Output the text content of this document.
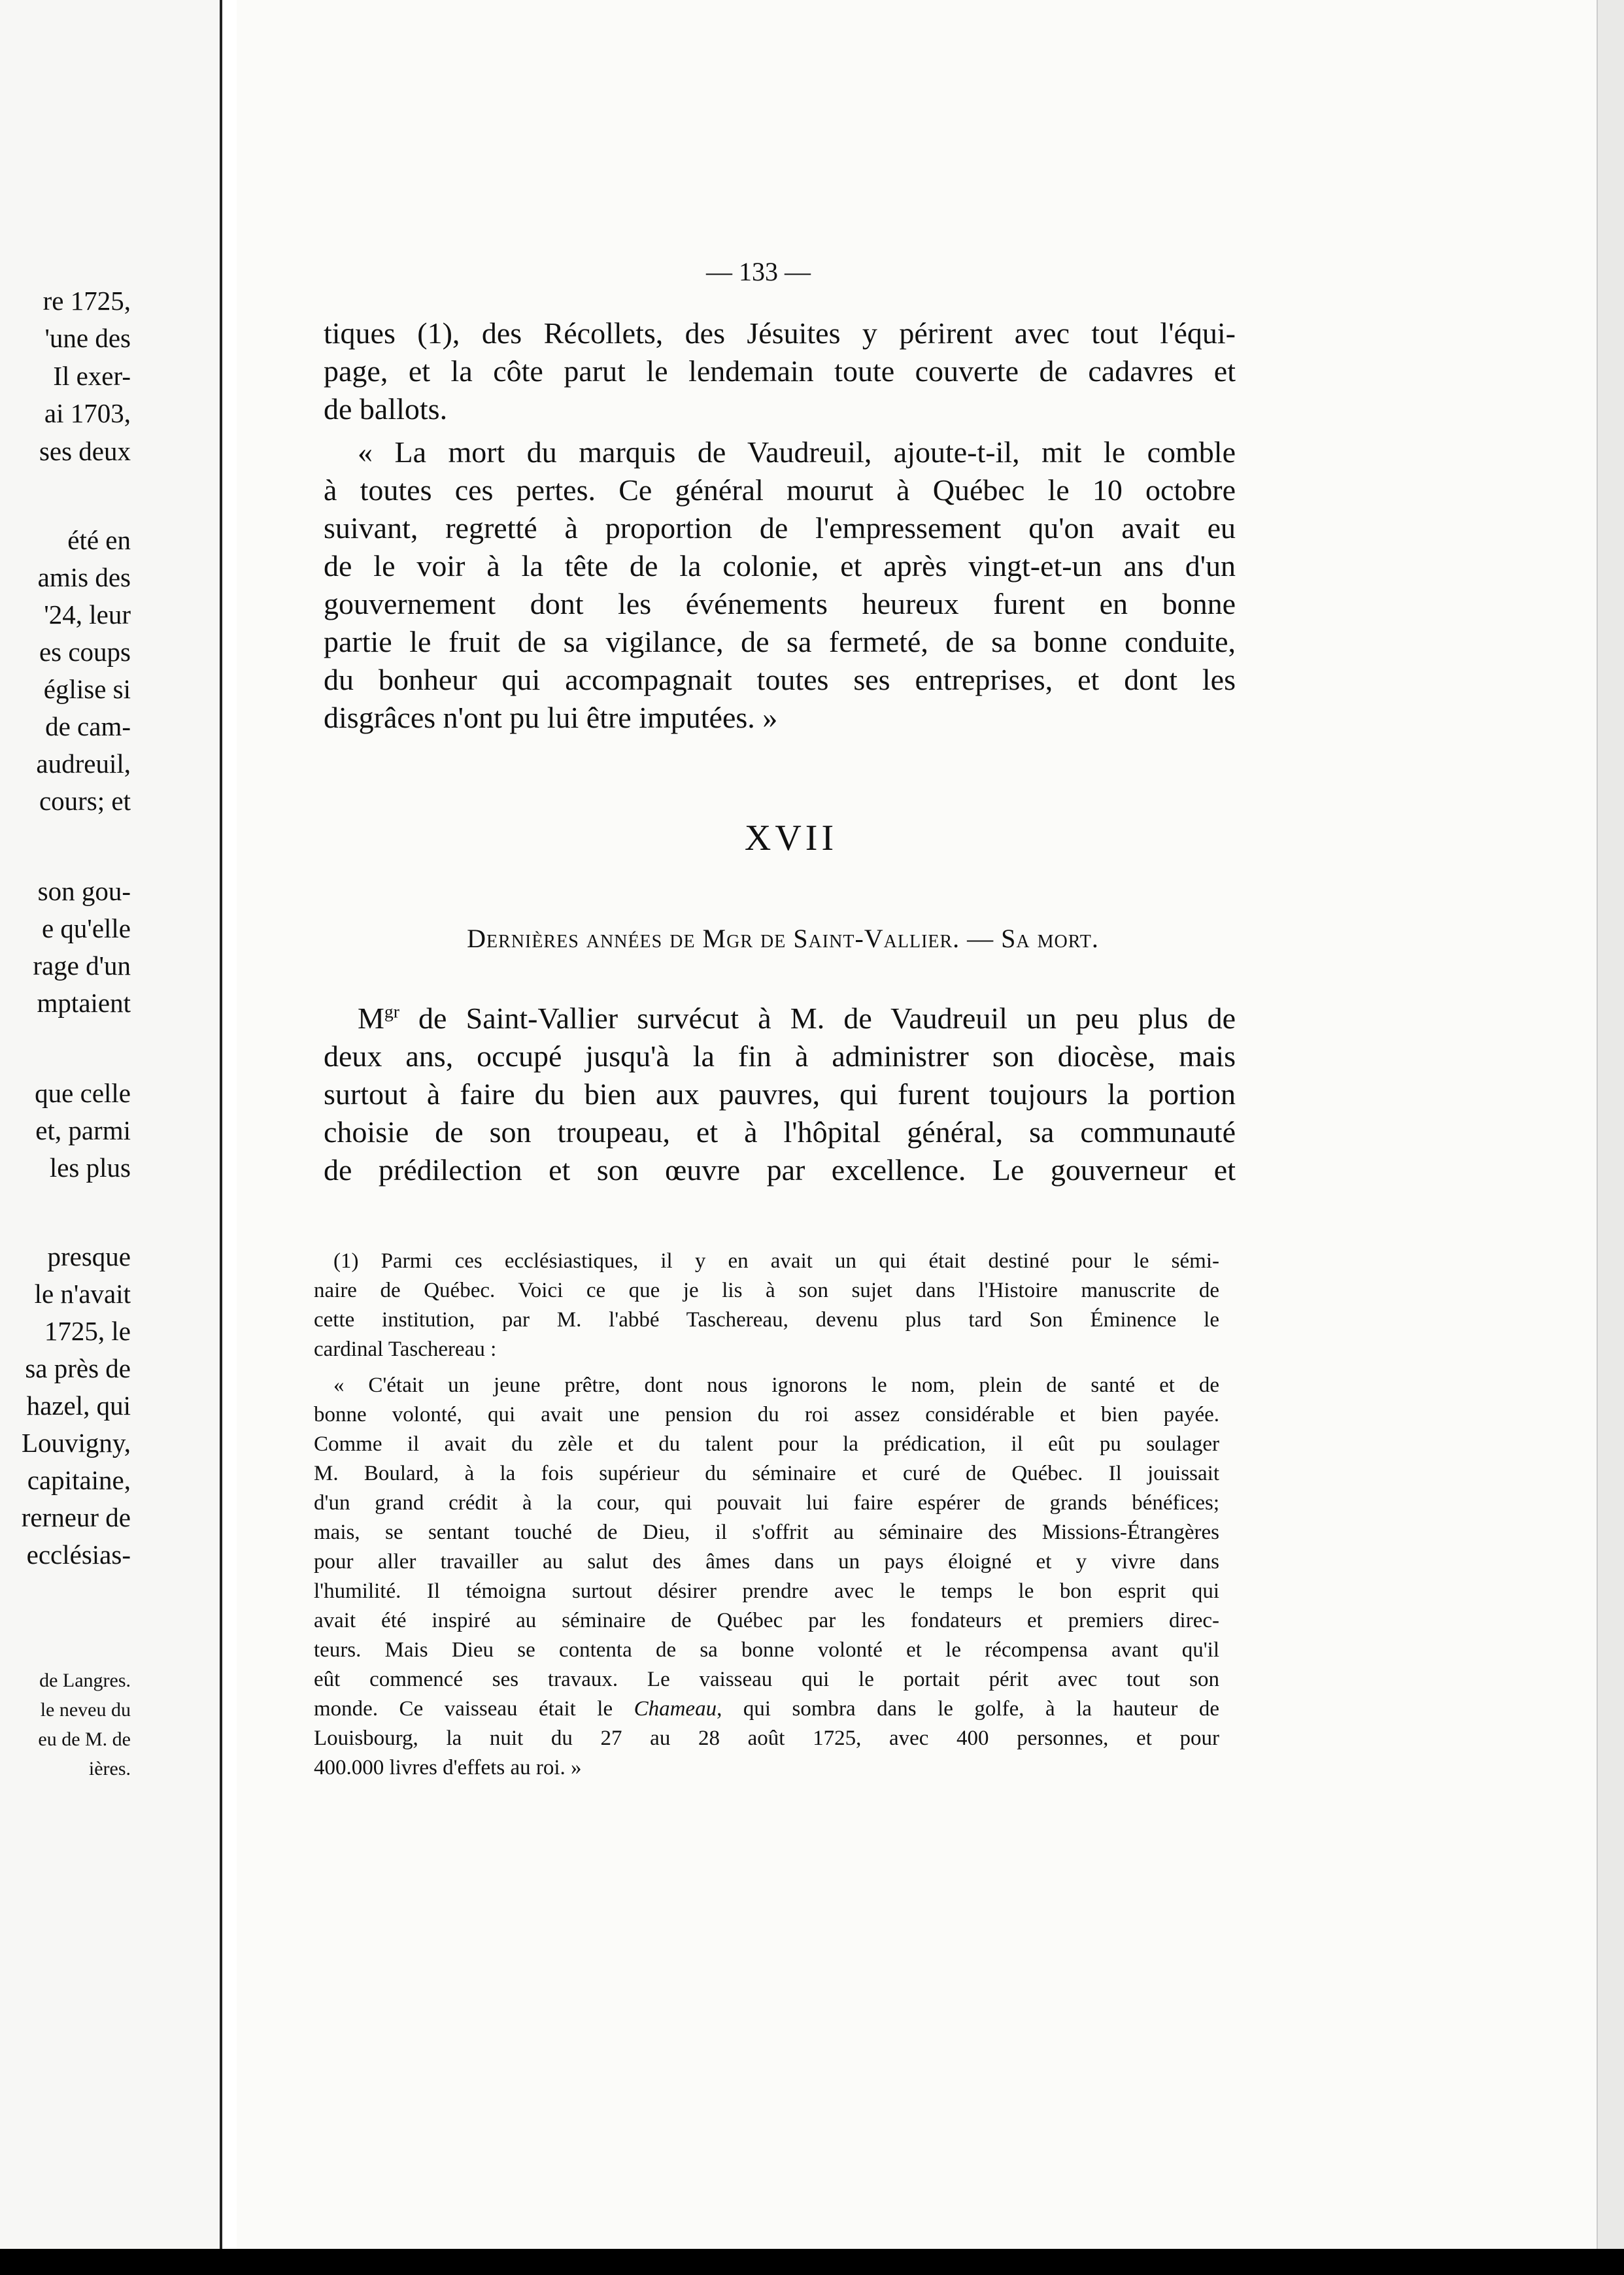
re 1725,
'une des
Il exer-
ai 1703,
ses deux
été en
amis des
'24, leur
es coups
église si
de cam-
audreuil,
cours; et
son gou-
e qu'elle
rage d'un
mptaient
que celle
et, parmi
les plus
presque
le n'avait
1725, le
sa près de
hazel, qui
Louvigny,
capitaine,
rerneur de
ecclésias-
de Langres.
le neveu du
eu de M. de
ières.
— 133 —
tiques (1), des Récollets, des Jésuites y périrent avec tout l'équi-
page, et la côte parut le lendemain toute couverte de cadavres et
de ballots.
« La mort du marquis de Vaudreuil, ajoute-t-il, mit le comble
à toutes ces pertes. Ce général mourut à Québec le 10 octobre
suivant, regretté à proportion de l'empressement qu'on avait eu
de le voir à la tête de la colonie, et après vingt-et-un ans d'un
gouvernement dont les événements heureux furent en bonne
partie le fruit de sa vigilance, de sa fermeté, de sa bonne conduite,
du bonheur qui accompagnait toutes ses entreprises, et dont les
disgrâces n'ont pu lui être imputées. »
XVII
Dernières années de Mgr de Saint-Vallier. — Sa mort.
$M^{gr}$ de Saint-Vallier survécut à M. de Vaudreuil un peu plus de
deux ans, occupé jusqu'à la fin à administrer son diocèse, mais
surtout à faire du bien aux pauvres, qui furent toujours la portion
choisie de son troupeau, et à l'hôpital général, sa communauté
de prédilection et son œuvre par excellence. Le gouverneur et
(1) Parmi ces ecclésiastiques, il y en avait un qui était destiné pour le sémi-
naire de Québec. Voici ce que je lis à son sujet dans l'Histoire manuscrite de
cette institution, par M. l'abbé Taschereau, devenu plus tard Son Éminence le
cardinal Taschereau :
« C'était un jeune prêtre, dont nous ignorons le nom, plein de santé et de
bonne volonté, qui avait une pension du roi assez considérable et bien payée.
Comme il avait du zèle et du talent pour la prédication, il eût pu soulager
M. Boulard, à la fois supérieur du séminaire et curé de Québec. Il jouissait
d'un grand crédit à la cour, qui pouvait lui faire espérer de grands bénéfices;
mais, se sentant touché de Dieu, il s'offrit au séminaire des Missions-Étrangères
pour aller travailler au salut des âmes dans un pays éloigné et y vivre dans
l'humilité. Il témoigna surtout désirer prendre avec le temps le bon esprit qui
avait été inspiré au séminaire de Québec par les fondateurs et premiers direc-
teurs. Mais Dieu se contenta de sa bonne volonté et le récompensa avant qu'il
eût commencé ses travaux. Le vaisseau qui le portait périt avec tout son
monde. Ce vaisseau était le Chameau, qui sombra dans le golfe, à la hauteur de
Louisbourg, la nuit du 27 au 28 août 1725, avec 400 personnes, et pour
400.000 livres d'effets au roi. »
